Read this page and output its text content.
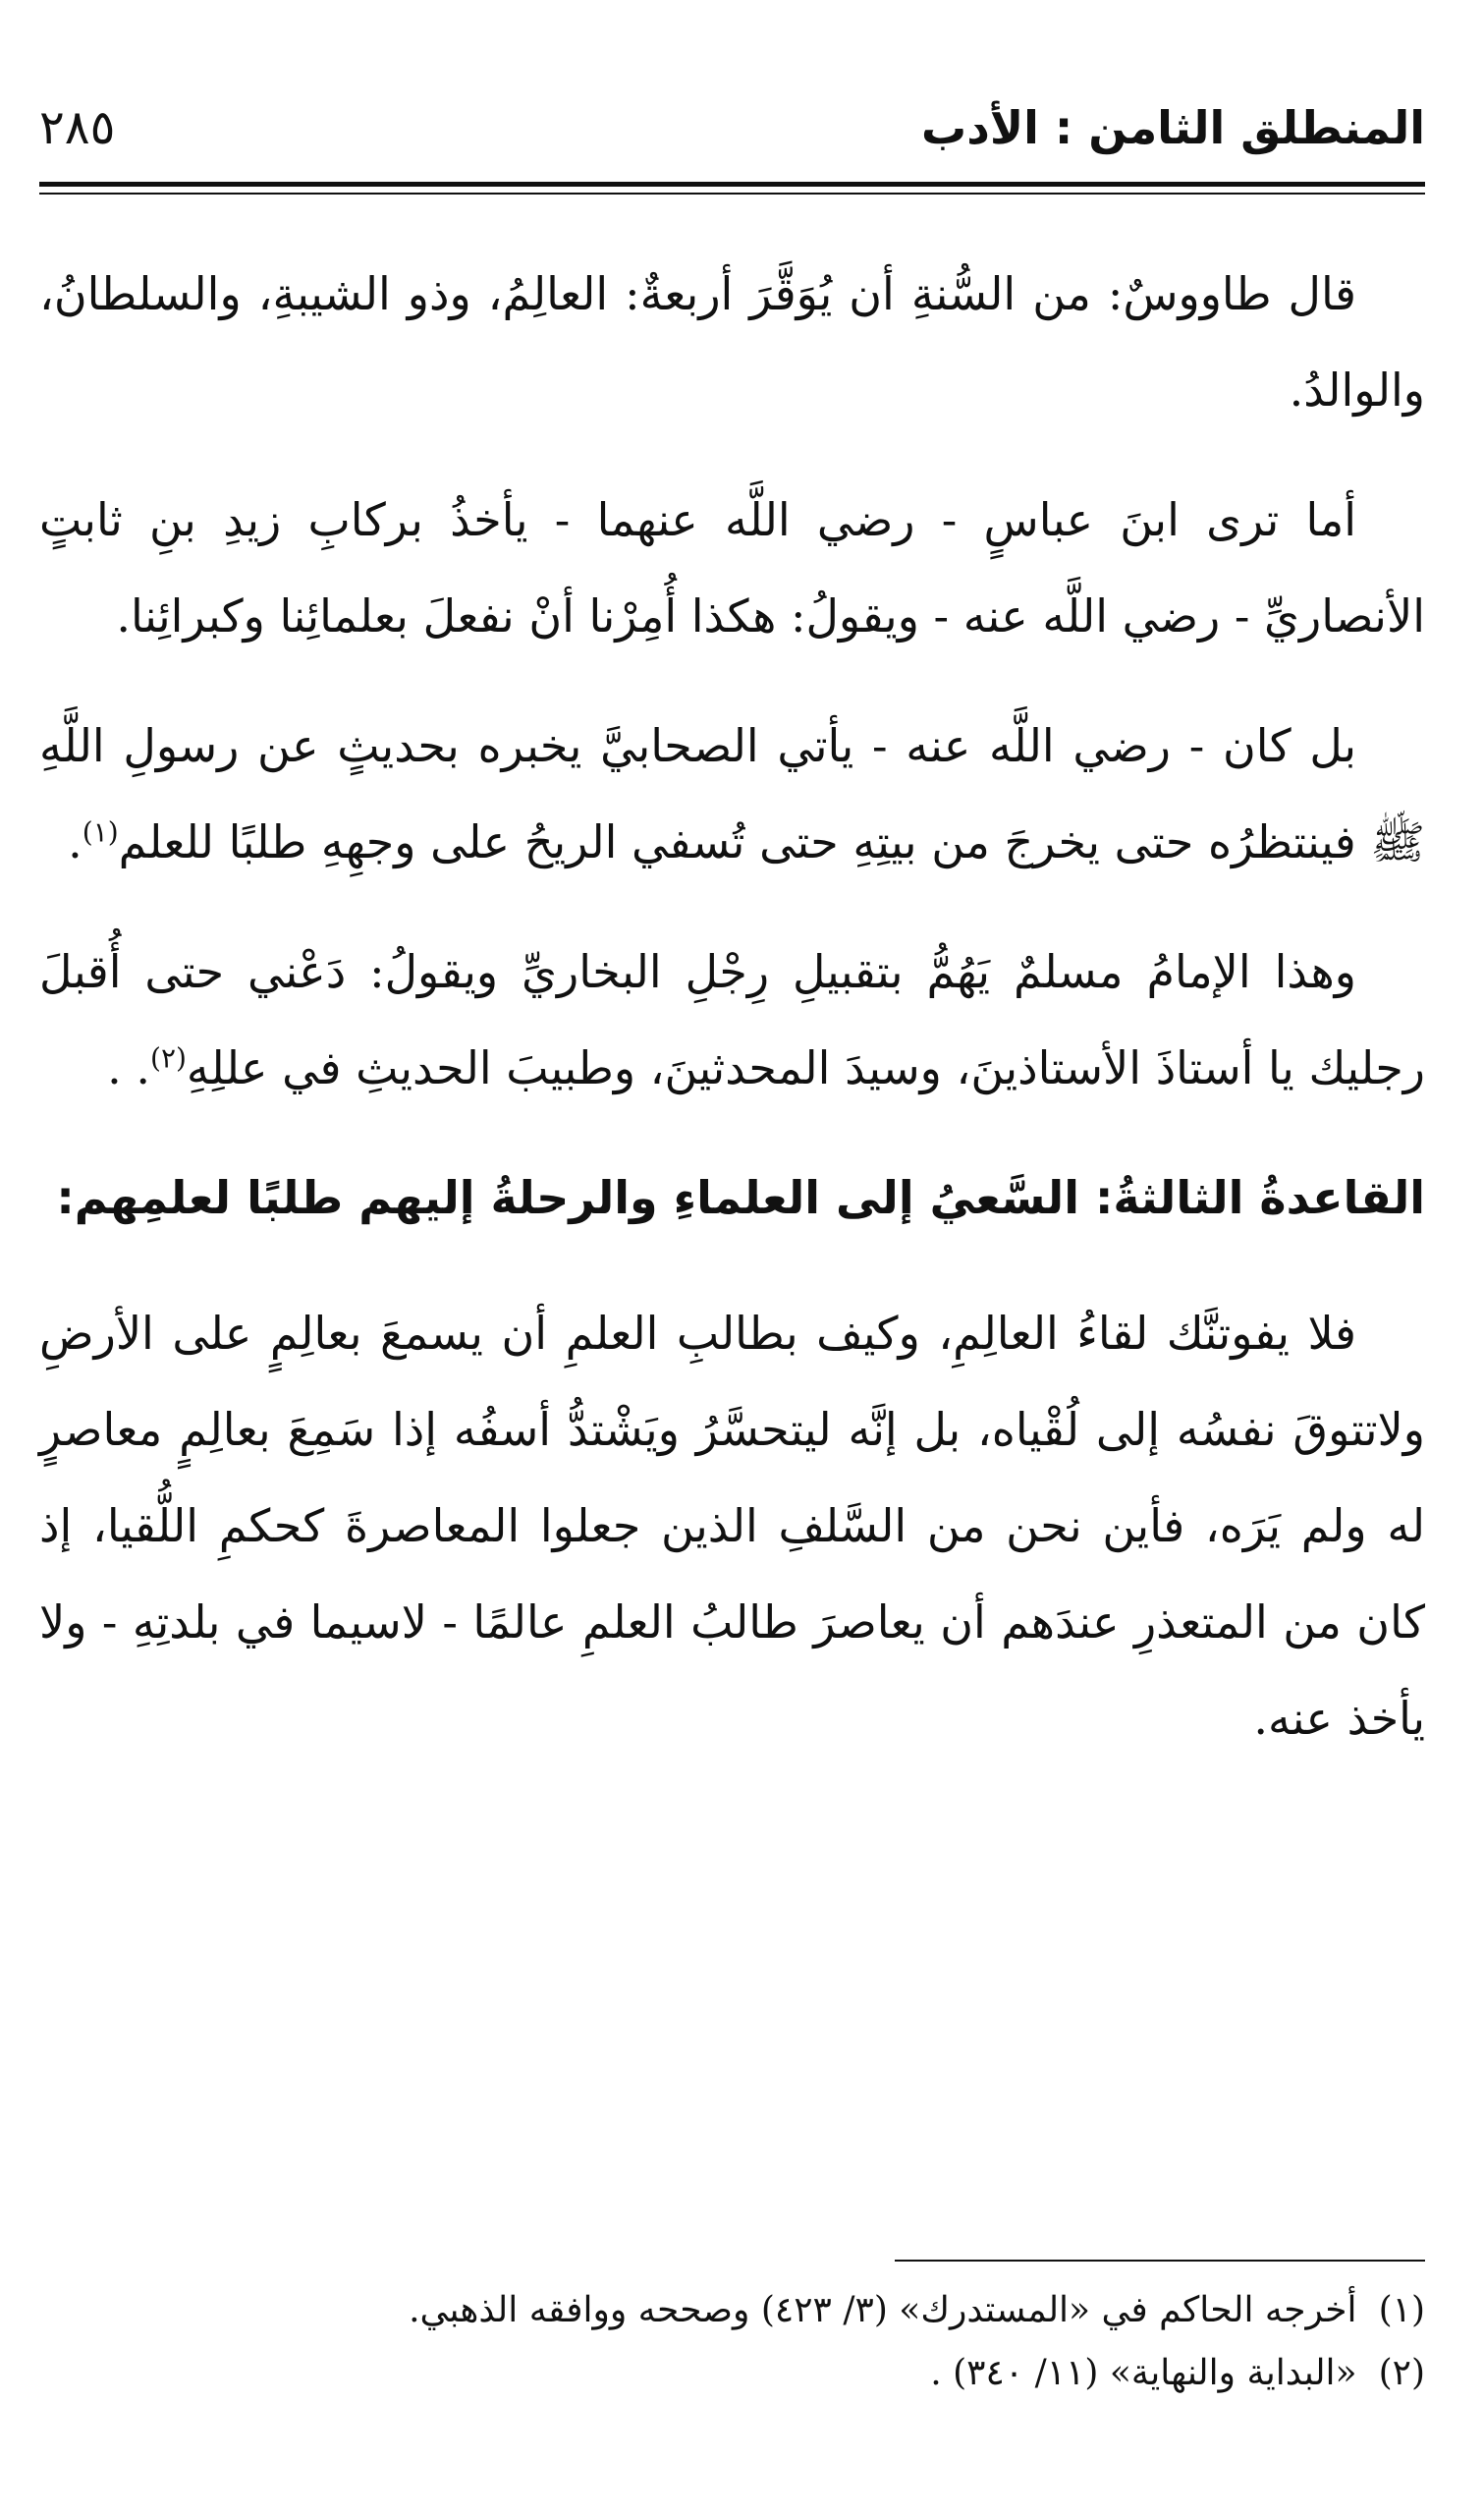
المنطلق الثامن : الأدب
٢٨٥

قال طاووسٌ: من السُّنةِ أن يُوَقَّرَ أربعةٌ: العالِمُ، وذو الشيبةِ، والسلطانُ، والوالدُ.

أما ترى ابنَ عباسٍ - رضي اللَّه عنهما - يأخذُ بركابِ زيدِ بنِ ثابتٍ الأنصاريِّ - رضي اللَّه عنه - ويقولُ: هكذا أُمِرْنا أنْ نفعلَ بعلمائِنا وكبرائِنا.

بل كان - رضي اللَّه عنه - يأتي الصحابيَّ يخبره بحديثٍ عن رسولِ اللَّهِ ﷺ فينتظرُه حتى يخرجَ من بيتِهِ حتى تُسفي الريحُ على وجهِهِ طلبًا للعلم$^{(١)}$.

وهذا الإمامُ مسلمٌ يَهُمُّ بتقبيلِ رِجْلِ البخاريِّ ويقولُ: دَعْني حتى أُقبلَ رجليك يا أستاذَ الأستاذينَ، وسيدَ المحدثينَ، وطبيبَ الحديثِ في عللِهِ$^{(٢)}$. .

القاعدةُ الثالثةُ: السَّعيُ إلى العلماءِ والرحلةُ إليهم طلبًا لعلمِهم:

فلا يفوتنَّك لقاءُ العالِمِ، وكيف بطالبِ العلمِ أن يسمعَ بعالِمٍ على الأرضِ ولاتتوقَ نفسُه إلى لُقْياه، بل إنَّه ليتحسَّرُ ويَشْتدُّ أسفُه إذا سَمِعَ بعالِمٍ معاصرٍ له ولم يَرَه، فأين نحن من السَّلفِ الذين جعلوا المعاصرةَ كحكمِ اللُّقيا، إذ كان من المتعذرِ عندَهم أن يعاصرَ طالبُ العلمِ عالمًا - لاسيما في بلدتِهِ - ولا يأخذ عنه.

(١)أخرجه الحاكم في «المستدرك» (٣/ ٤٢٣) وصححه ووافقه الذهبي.

(٢)«البداية والنهاية» (١١/ ٣٤٠) .
